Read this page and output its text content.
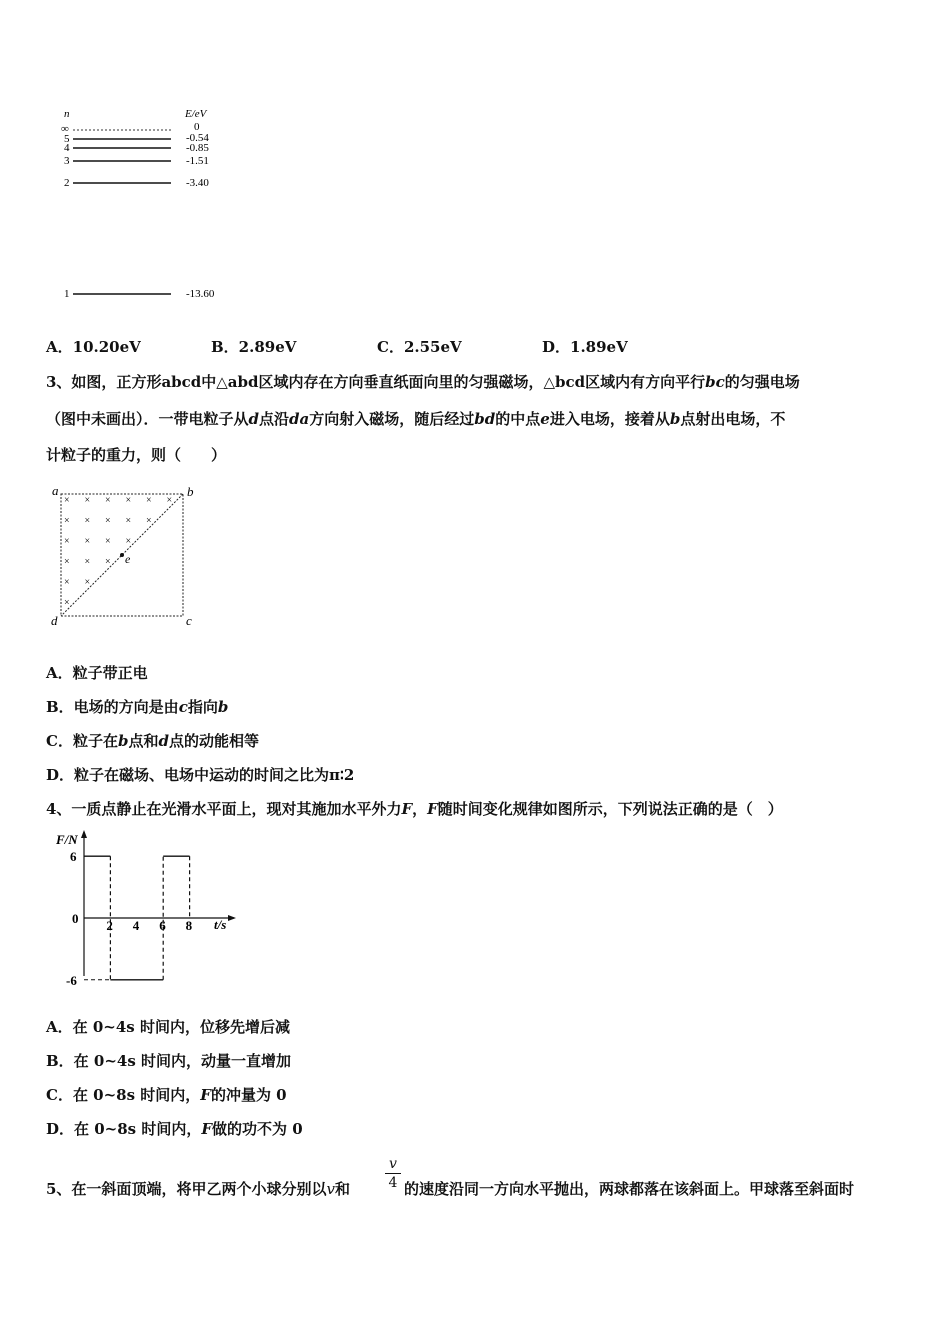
n	E/eV
∞	0
5	-0.54
4	-0.85
3	-1.51
2	-3.40
1	-13.60
A．10.20eV	B．2.89eV	C．2.55eV	D．1.89eV
3、如图，正方形abcd中△abd区域内存在方向垂直纸面向里的匀强磁场，△bcd区域内有方向平行bc的匀强电场
（图中未画出）．一带电粒子从d点沿da方向射入磁场，随后经过bd的中点e进入电场，接着从b点射出电场，不
计粒子的重力，则（　　）
× × × × × ×
× × × × ×
× × × ×
× × ×
× ×
×
a	b
c
d
e
A．粒子带正电
B．电场的方向是由c指向b
C．粒子在b点和d点的动能相等
D．粒子在磁场、电场中运动的时间之比为π∶2
4、一质点静止在光滑水平面上，现对其施加水平外力F，F随时间变化规律如图所示，下列说法正确的是（　）
F/N
t/s
0 2 4 6 8
6
-6
A．在 0~4s 时间内，位移先增后减
B．在 0~4s 时间内，动量一直增加
C．在 0~8s 时间内，F的冲量为 0
D．在 0~8s 时间内，F做的功不为 0
5、在一斜面顶端，将甲乙两个小球分别以v和
v
4 的速度沿同一方向水平抛出，两球都落在该斜面上。甲球落至斜面时
